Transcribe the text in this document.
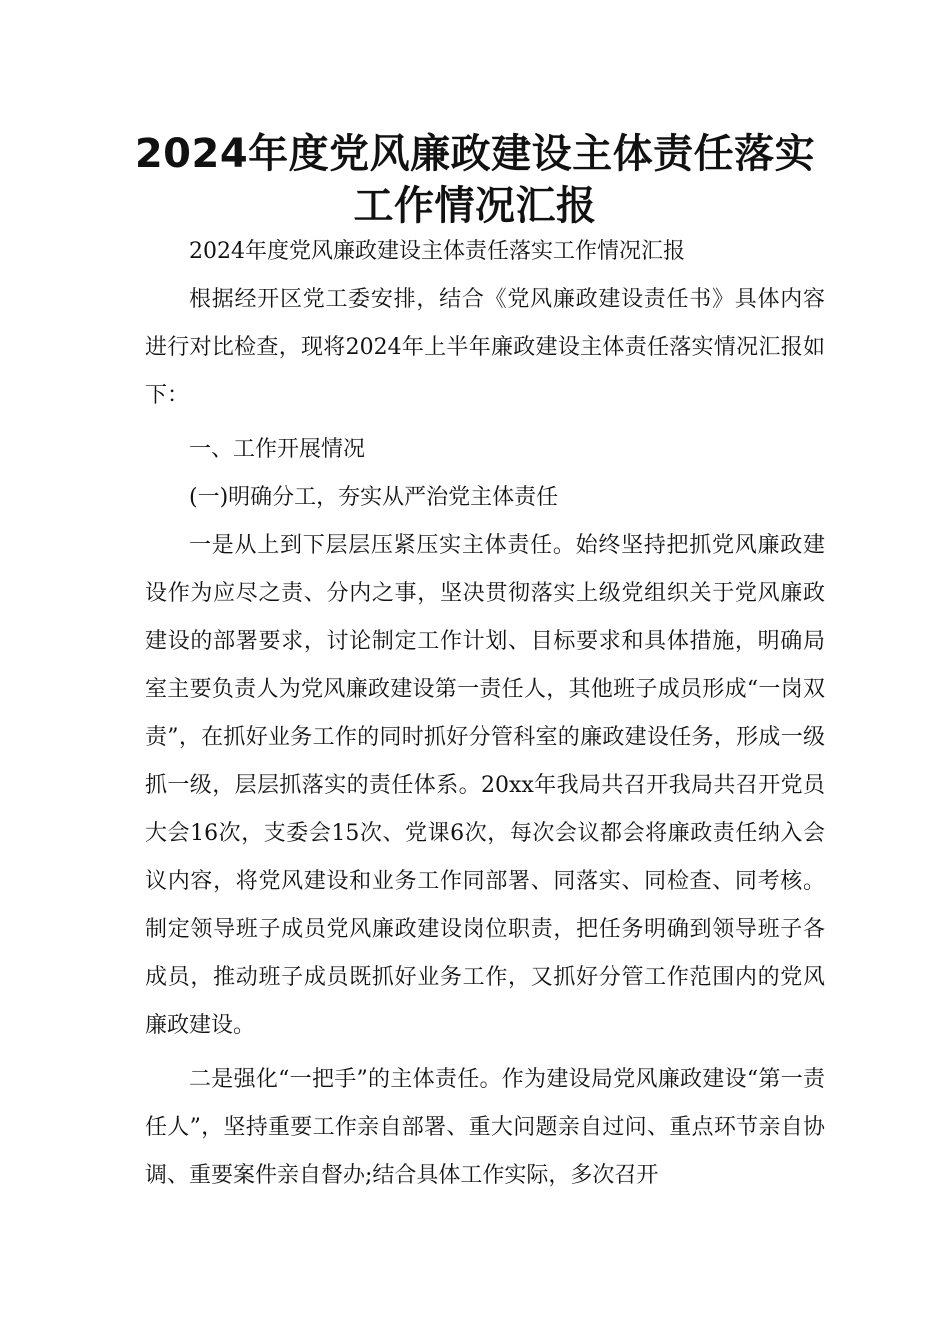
2024年度党风廉政建设主体责任落实工作情况汇报

2024年度党风廉政建设主体责任落实工作情况汇报

根据经开区党工委安排，结合《党风廉政建设责任书》具体内容进行对比检查，现将2024年上半年廉政建设主体责任落实情况汇报如下：

一、工作开展情况

(一)明确分工，夯实从严治党主体责任

一是从上到下层层压紧压实主体责任。始终坚持把抓党风廉政建设作为应尽之责、分内之事，坚决贯彻落实上级党组织关于党风廉政建设的部署要求，讨论制定工作计划、目标要求和具体措施，明确局室主要负责人为党风廉政建设第一责任人，其他班子成员形成“一岗双责”，在抓好业务工作的同时抓好分管科室的廉政建设任务，形成一级抓一级，层层抓落实的责任体系。20xx年我局共召开我局共召开党员大会16次，支委会15次、党课6次，每次会议都会将廉政责任纳入会议内容，将党风建设和业务工作同部署、同落实、同检查、同考核。制定领导班子成员党风廉政建设岗位职责，把任务明确到领导班子各成员，推动班子成员既抓好业务工作，又抓好分管工作范围内的党风廉政建设。

二是强化“一把手”的主体责任。作为建设局党风廉政建设“第一责任人”，坚持重要工作亲自部署、重大问题亲自过问、重点环节亲自协调、重要案件亲自督办;结合具体工作实际，多次召开
